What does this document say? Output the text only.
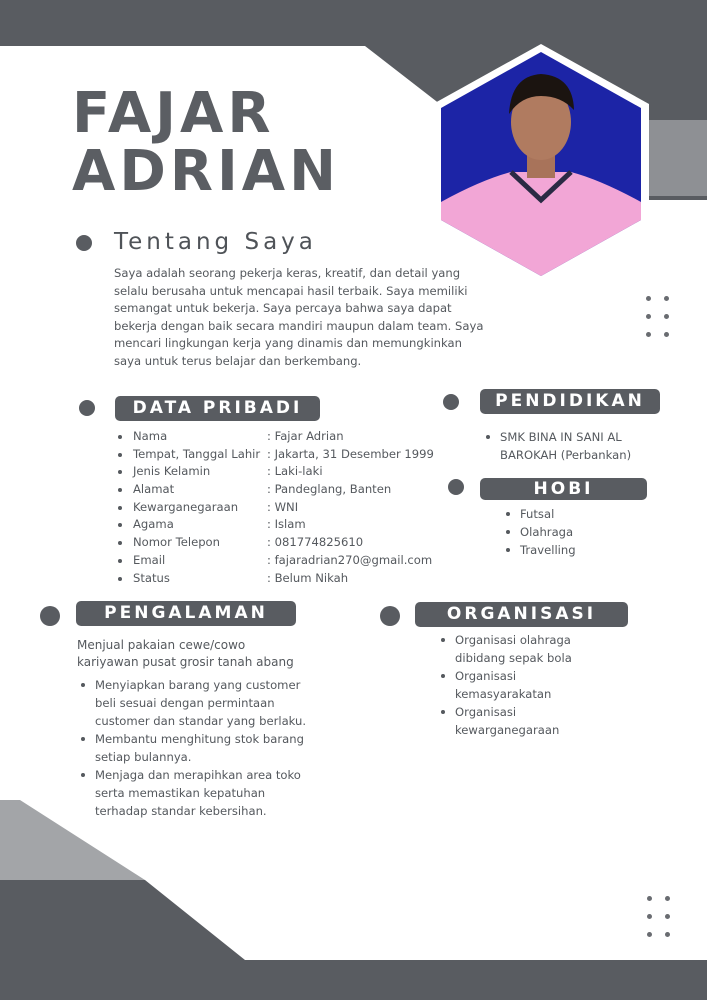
FAJAR
ADRIAN
Tentang Saya

Saya adalah seorang pekerja keras, kreatif, dan detail yang selalu berusaha untuk mencapai hasil terbaik. Saya memiliki semangat untuk bekerja. Saya percaya bahwa saya dapat bekerja dengan baik secara mandiri maupun dalam team. Saya mencari lingkungan kerja yang dinamis dan memungkinkan saya untuk terus belajar dan berkembang.

DATA PRIBADI
Nama	: Fajar Adrian
Tempat, Tanggal Lahir : Jakarta, 31 Desember 1999
Jenis Kelamin	: Laki-laki
Alamat	: Pandeglang, Banten
Kewarganegaraan : WNI
Agama	: Islam
Nomor Telepon	: 081774825610
Email	: fajaradrian270@gmail.com
Status	: Belum Nikah
PENDIDIKAN
SMK BINA IN SANI AL BAROKAH (Perbankan)
HOBI
Futsal
Olahraga
Travelling
PENGALAMAN
Menjual pakaian cewe/cowo
kariyawan pusat grosir tanah abang
Menyiapkan barang yang customer beli sesuai dengan permintaan customer dan standar yang berlaku.
Membantu menghitung stok barang setiap bulannya.
Menjaga dan merapihkan area toko serta memastikan kepatuhan terhadap standar kebersihan.
ORGANISASI
Organisasi olahraga dibidang sepak bola
Organisasi kemasyarakatan
Organisasi kewarganegaraan
